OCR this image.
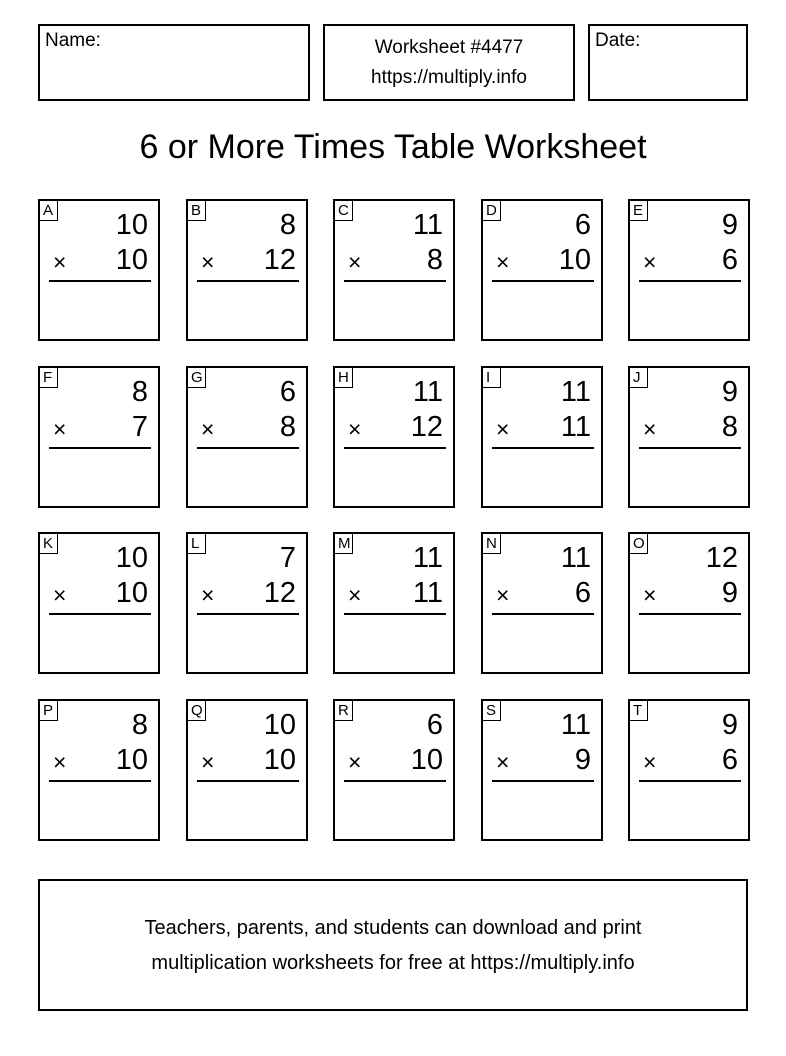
Name:	Worksheet #4477
https://multiply.info
Date:
6 or More Times Table Worksheet
A 10
× 10
B	8
× 12
C 11
× 8
D	6
× 10
E	9
× 6
F	8
× 7
G	6
× 8
H 11
× 12
I	11
× 11
J	9
× 8
K 10
× 10
L	7
× 12
M 11
× 11
N 11
× 6
O 12
× 9
P	8
× 10
Q 10
× 10
R	6
× 10
S 11
× 9
T	9
× 6
Teachers, parents, and students can download and print
multiplication worksheets for free at https://multiply.info
